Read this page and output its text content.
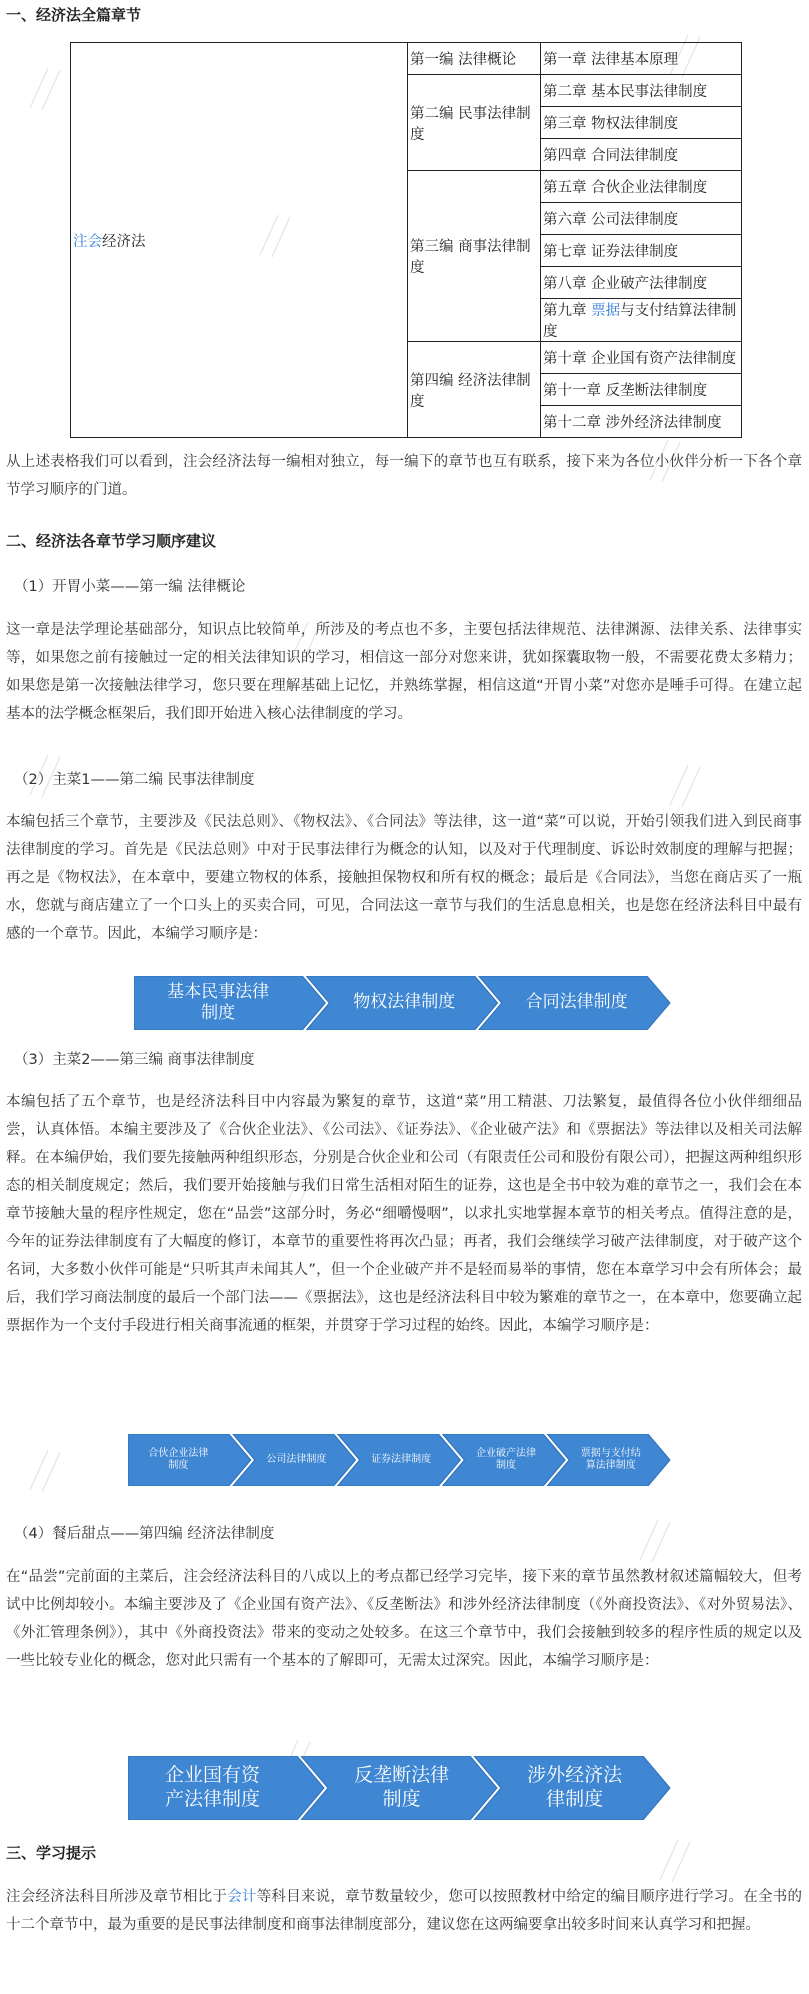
一、经济法全篇章节
注会经济法	第一编 法律概论	第一章 法律基本原理
	第二编 民事法律制度	第二章 基本民事法律制度
		第三章 物权法律制度
		第四章 合同法律制度
	第三编 商事法律制度	第五章 合伙企业法律制度
		第六章 公司法律制度
		第七章 证券法律制度
		第八章 企业破产法律制度
		第九章 票据与支付结算法律制度
	第四编 经济法律制度	第十章 企业国有资产法律制度
		第十一章 反垄断法律制度
		第十二章 涉外经济法律制度
从上述表格我们可以看到，注会经济法每一编相对独立，每一编下的章节也互有联系，接下来为各位小伙伴分析一下各个章节学习顺序的门道。
二、经济法各章节学习顺序建议
（1）开胃小菜——第一编 法律概论
这一章是法学理论基础部分，知识点比较简单，所涉及的考点也不多，主要包括法律规范、法律渊源、法律关系、法律事实等，如果您之前有接触过一定的相关法律知识的学习，相信这一部分对您来讲，犹如探囊取物一般，不需要花费太多精力；如果您是第一次接触法律学习，您只要在理解基础上记忆，并熟练掌握，相信这道“开胃小菜”对您亦是唾手可得。在建立起基本的法学概念框架后，我们即开始进入核心法律制度的学习。
（2）主菜1——第二编 民事法律制度
本编包括三个章节，主要涉及《民法总则》、《物权法》、《合同法》等法律，这一道“菜”可以说，开始引领我们进入到民商事法律制度的学习。首先是《民法总则》中对于民事法律行为概念的认知，以及对于代理制度、诉讼时效制度的理解与把握；再之是《物权法》，在本章中，要建立物权的体系，接触担保物权和所有权的概念；最后是《合同法》，当您在商店买了一瓶水，您就与商店建立了一个口头上的买卖合同，可见，合同法这一章节与我们的生活息息相关，也是您在经济法科目中最有感的一个章节。因此，本编学习顺序是：
基本民事法律制度
物权法律制度	合同法律制度
（3）主菜2——第三编 商事法律制度
本编包括了五个章节，也是经济法科目中内容最为繁复的章节，这道“菜”用工精湛、刀法繁复，最值得各位小伙伴细细品尝，认真体悟。本编主要涉及了《合伙企业法》、《公司法》、《证券法》、《企业破产法》和《票据法》等法律以及相关司法解释。在本编伊始，我们要先接触两种组织形态，分别是合伙企业和公司（有限责任公司和股份有限公司），把握这两种组织形态的相关制度规定；然后，我们要开始接触与我们日常生活相对陌生的证券，这也是全书中较为难的章节之一，我们会在本章节接触大量的程序性规定，您在“品尝”这部分时，务必“细嚼慢咽”，以求扎实地掌握本章节的相关考点。值得注意的是，今年的证券法律制度有了大幅度的修订，本章节的重要性将再次凸显；再者，我们会继续学习破产法律制度，对于破产这个名词，大多数小伙伴可能是“只听其声未闻其人”，但一个企业破产并不是轻而易举的事情，您在本章学习中会有所体会；最后，我们学习商法制度的最后一个部门法——《票据法》，这也是经济法科目中较为繁难的章节之一，在本章中，您要确立起票据作为一个支付手段进行相关商事流通的框架，并贯穿于学习过程的始终。因此，本编学习顺序是：
合伙企业法律制度
公司法律制度	证券法律制度
企业破产法律制度
票据与支付结算法律制度
（4）餐后甜点——第四编 经济法律制度
在“品尝”完前面的主菜后，注会经济法科目的八成以上的考点都已经学习完毕，接下来的章节虽然教材叙述篇幅较大，但考试中比例却较小。本编主要涉及了《企业国有资产法》、《反垄断法》和涉外经济法律制度（《外商投资法》、《对外贸易法》、《外汇管理条例》），其中《外商投资法》带来的变动之处较多。在这三个章节中，我们会接触到较多的程序性质的规定以及一些比较专业化的概念，您对此只需有一个基本的了解即可，无需太过深究。因此，本编学习顺序是：
企业国有资产法律制度
反垄断法律制度
涉外经济法律制度
三、学习提示
注会经济法科目所涉及章节相比于会计等科目来说，章节数量较少，您可以按照教材中给定的编目顺序进行学习。在全书的十二个章节中，最为重要的是民事法律制度和商事法律制度部分，建议您在这两编要拿出较多时间来认真学习和把握。
